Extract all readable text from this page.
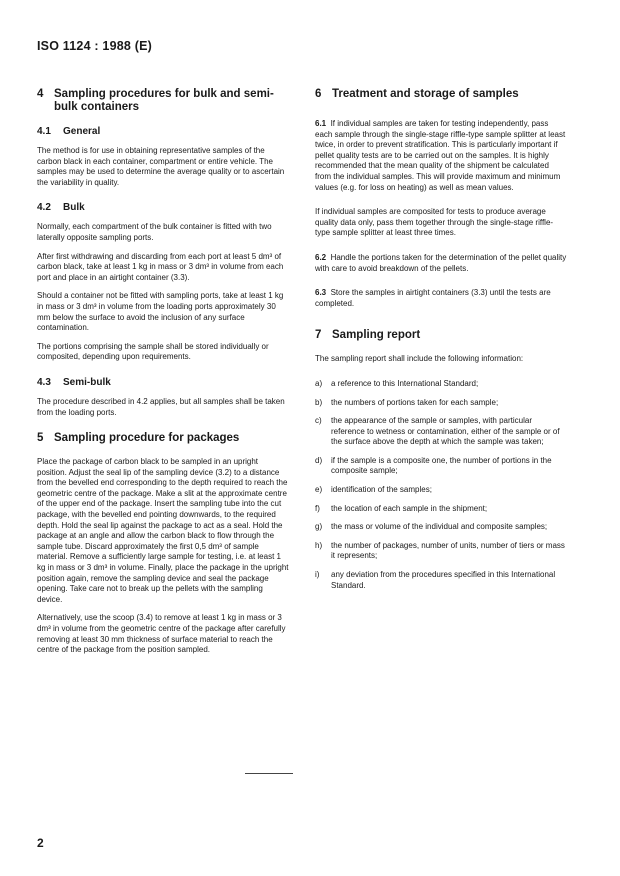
ISO 1124 : 1988 (E)
4 Sampling procedures for bulk and semi-bulk containers
4.1	General

The method is for use in obtaining representative samples of the carbon black in each container, compartment or entire vehicle. The samples may be used to determine the average quality or to ascertain the variability in quality.

4.2	Bulk

Normally, each compartment of the bulk container is fitted with two laterally opposite sampling ports.

After first withdrawing and discarding from each port at least 5 dm³ of carbon black, take at least 1 kg in mass or 3 dm³ in volume from each port and place in an airtight container (3.3).

Should a container not be fitted with sampling ports, take at least 1 kg in mass or 3 dm³ in volume from the loading ports approximately 30 mm below the surface to avoid the inclusion of any surface contamination.

The portions comprising the sample shall be stored individually or composited, depending upon requirements.

4.3	Semi-bulk

The procedure described in 4.2 applies, but all samples shall be taken from the loading ports.

5 Sampling procedure for packages

Place the package of carbon black to be sampled in an upright position. Adjust the seal lip of the sampling device (3.2) to a distance from the bevelled end corresponding to the depth required to reach the geometric centre of the package. Make a slit at the approximate centre of the upper end of the package. Insert the sampling tube into the cut package, with the bevelled end pointing downwards, to the required depth. Hold the seal lip against the package to act as a seal. Hold the package at an angle and allow the carbon black to flow through the sample tube. Discard approximately the first 0,5 dm³ of sample material. Remove a sufficiently large sample for testing, i.e. at least 1 kg in mass or 3 dm³ in volume. Finally, place the package in the upright position again, remove the sampling device and seal the package opening. Take care not to break up the pellets with the sampling device.

Alternatively, use the scoop (3.4) to remove at least 1 kg in mass or 3 dm³ in volume from the geometric centre of the package after carefully removing at least 30 mm thickness of surface material to reach the centre of the package from the position sampled.

6 Treatment and storage of samples

6.1 If individual samples are taken for testing independently, pass each sample through the single-stage riffle-type sample splitter at least twice, in order to prevent stratification. This is particularly important if pellet quality tests are to be carried out on the samples. It is highly recommended that the mean quality of the shipment be calculated from the individual samples. This will provide maximum and minimum values (e.g. for loss on heating) as well as mean values.

If individual samples are composited for tests to produce average quality data only, pass them together through the single-stage riffle-type sample splitter at least three times.

6.2 Handle the portions taken for the determination of the pellet quality with care to avoid breakdown of the pellets.

6.3 Store the samples in airtight containers (3.3) until the tests are completed.

7 Sampling report

The sampling report shall include the following information:

a)	a reference to this International Standard;
b)	the numbers of portions taken for each sample;
c)	the appearance of the sample or samples, with particular reference to wetness or contamination, either of the sample or of the surface above the depth at which the sample was taken;
d)	if the sample is a composite one, the number of portions in the composite sample;
e)	identification of the samples;
f)	the location of each sample in the shipment;
g)	the mass or volume of the individual and composite samples;
h)	the number of packages, number of units, number of tiers or mass it represents;
i)	any deviation from the procedures specified in this International Standard.
2
